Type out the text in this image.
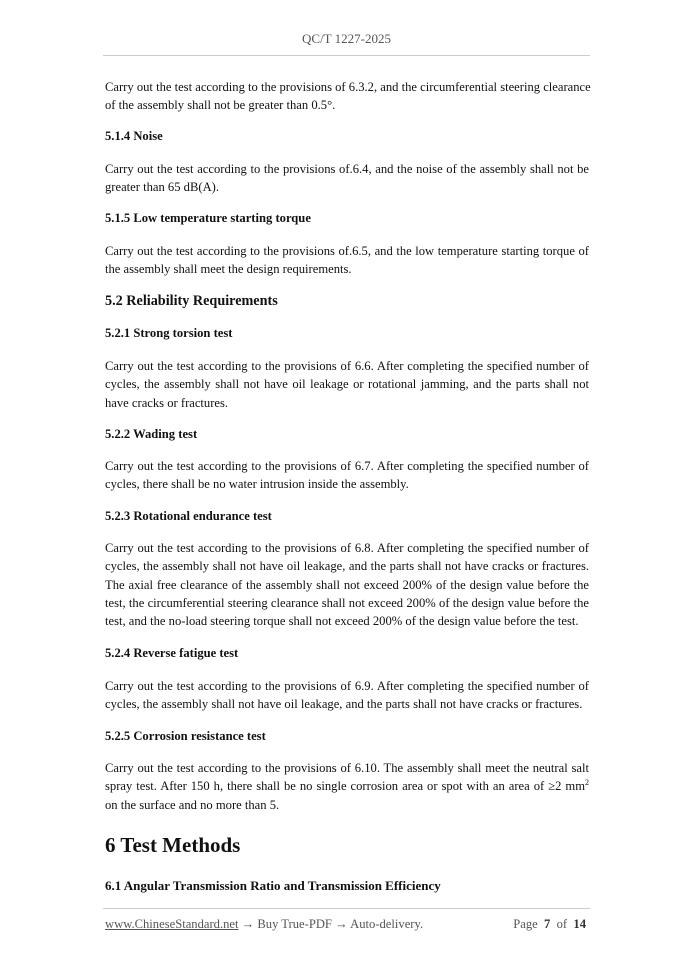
QC/T 1227-2025
Carry out the test according to the provisions of 6.3.2, and the circumferential steering clearance
of the assembly shall not be greater than 0.5°.
5.1.4 Noise
Carry out the test according to the provisions of.6.4, and the noise of the assembly shall not be
greater than 65 dB(A).
5.1.5 Low temperature starting torque
Carry out the test according to the provisions of.6.5, and the low temperature starting torque of
the assembly shall meet the design requirements.
5.2 Reliability Requirements
5.2.1 Strong torsion test
Carry out the test according to the provisions of 6.6. After completing the specified number of
cycles, the assembly shall not have oil leakage or rotational jamming, and the parts shall not
have cracks or fractures.
5.2.2 Wading test
Carry out the test according to the provisions of 6.7. After completing the specified number of
cycles, there shall be no water intrusion inside the assembly.
5.2.3 Rotational endurance test
Carry out the test according to the provisions of 6.8. After completing the specified number of
cycles, the assembly shall not have oil leakage, and the parts shall not have cracks or fractures.
The axial free clearance of the assembly shall not exceed 200% of the design value before the
test, the circumferential steering clearance shall not exceed 200% of the design value before the
test, and the no-load steering torque shall not exceed 200% of the design value before the test.
5.2.4 Reverse fatigue test
Carry out the test according to the provisions of 6.9. After completing the specified number of
cycles, the assembly shall not have oil leakage, and the parts shall not have cracks or fractures.
5.2.5 Corrosion resistance test
Carry out the test according to the provisions of 6.10. The assembly shall meet the neutral salt
spray test. After 150 h, there shall be no single corrosion area or spot with an area of ≥2 $mm^2$
on the surface and no more than 5.
6 Test Methods
6.1 Angular Transmission Ratio and Transmission Efficiency
www.ChineseStandard.net → Buy True-PDF → Auto-delivery.	Page 7 of 14
